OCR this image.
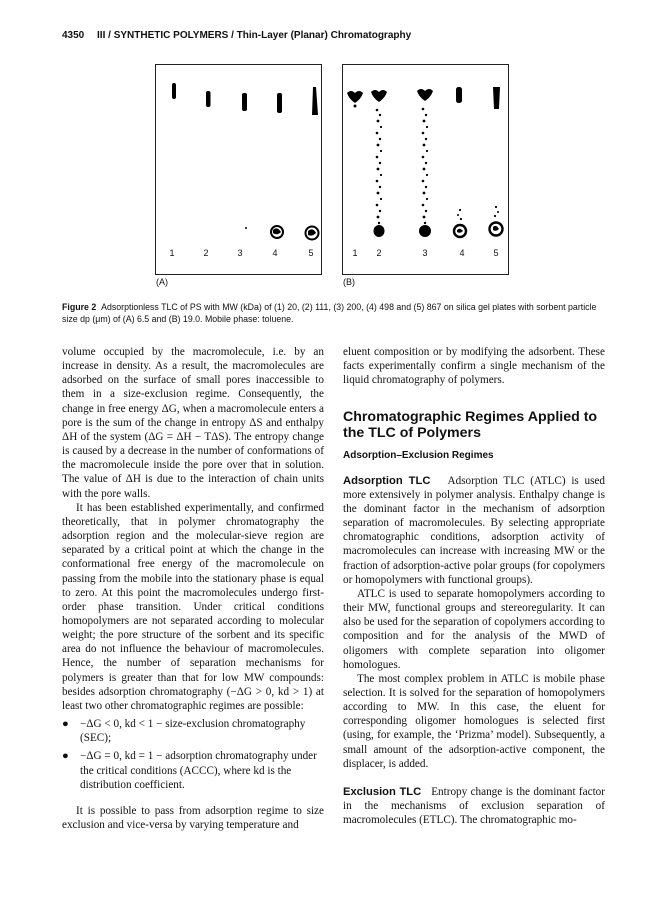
4350 III / SYNTHETIC POLYMERS / Thin-Layer (Planar) Chromatography
1	2	3	4	5
(A)
1 2	3	4	5
(B)
Figure 2 Adsorptionless TLC of PS with MW (kDa) of (1) 20, (2) 111, (3) 200, (4) 498 and (5) 867 on silica gel plates with sorbent particle size dp (μm) of (A) 6.5 and (B) 19.0. Mobile phase: toluene.

volume occupied by the macromolecule, i.e. by an increase in density. As a result, the macromolecules are adsorbed on the surface of small pores inaccessible to them in a size-exclusion regime. Consequently, the change in free energy ΔG, when a macromolecule enters a pore is the sum of the change in entropy ΔS and enthalpy ΔH of the system (ΔG = ΔH − TΔS). The entropy change is caused by a decrease in the number of conformations of the macromolecule inside the pore over that in solution. The value of ΔH is due to the interaction of chain units with the pore walls.

It has been established experimentally, and confirmed theoretically, that in polymer chromatography the adsorption region and the molecular-sieve region are separated by a critical point at which the change in the conformational free energy of the macromolecule on passing from the mobile into the stationary phase is equal to zero. At this point the macromolecules undergo first-order phase transition. Under critical conditions homopolymers are not separated according to molecular weight; the pore structure of the sorbent and its specific area do not influence the behaviour of macromolecules. Hence, the number of separation mechanisms for polymers is greater than that for low MW compounds: besides adsorption chromatography (−ΔG > 0, kd > 1) at least two other chromatographic regimes are possible:

● −ΔG < 0, kd < 1 − size-exclusion chromatography (SEC);

● −ΔG = 0, kd = 1 − adsorption chromatography under the critical conditions (ACCC), where kd is the distribution coefficient.

It is possible to pass from adsorption regime to size exclusion and vice-versa by varying temperature and

eluent composition or by modifying the adsorbent. These facts experimentally confirm a single mechanism of the liquid chromatography of polymers.

Chromatographic Regimes Applied to the TLC of Polymers

Adsorption–Exclusion Regimes

Adsorption TLC Adsorption TLC (ATLC) is used more extensively in polymer analysis. Enthalpy change is the dominant factor in the mechanism of adsorption separation of macromolecules. By selecting appropriate chromatographic conditions, adsorption activity of macromolecules can increase with increasing MW or the fraction of adsorption-active polar groups (for copolymers or homopolymers with functional groups).

ATLC is used to separate homopolymers according to their MW, functional groups and stereoregularity. It can also be used for the separation of copolymers according to composition and for the analysis of the MWD of oligomers with complete separation into oligomer homologues.

The most complex problem in ATLC is mobile phase selection. It is solved for the separation of homopolymers according to MW. In this case, the eluent for corresponding oligomer homologues is selected first (using, for example, the ‘Prizma’ model). Subsequently, a small amount of the adsorption-active component, the displacer, is added.

Exclusion TLC Entropy change is the dominant factor in the mechanisms of exclusion separation of macromolecules (ETLC). The chromatographic mo-
